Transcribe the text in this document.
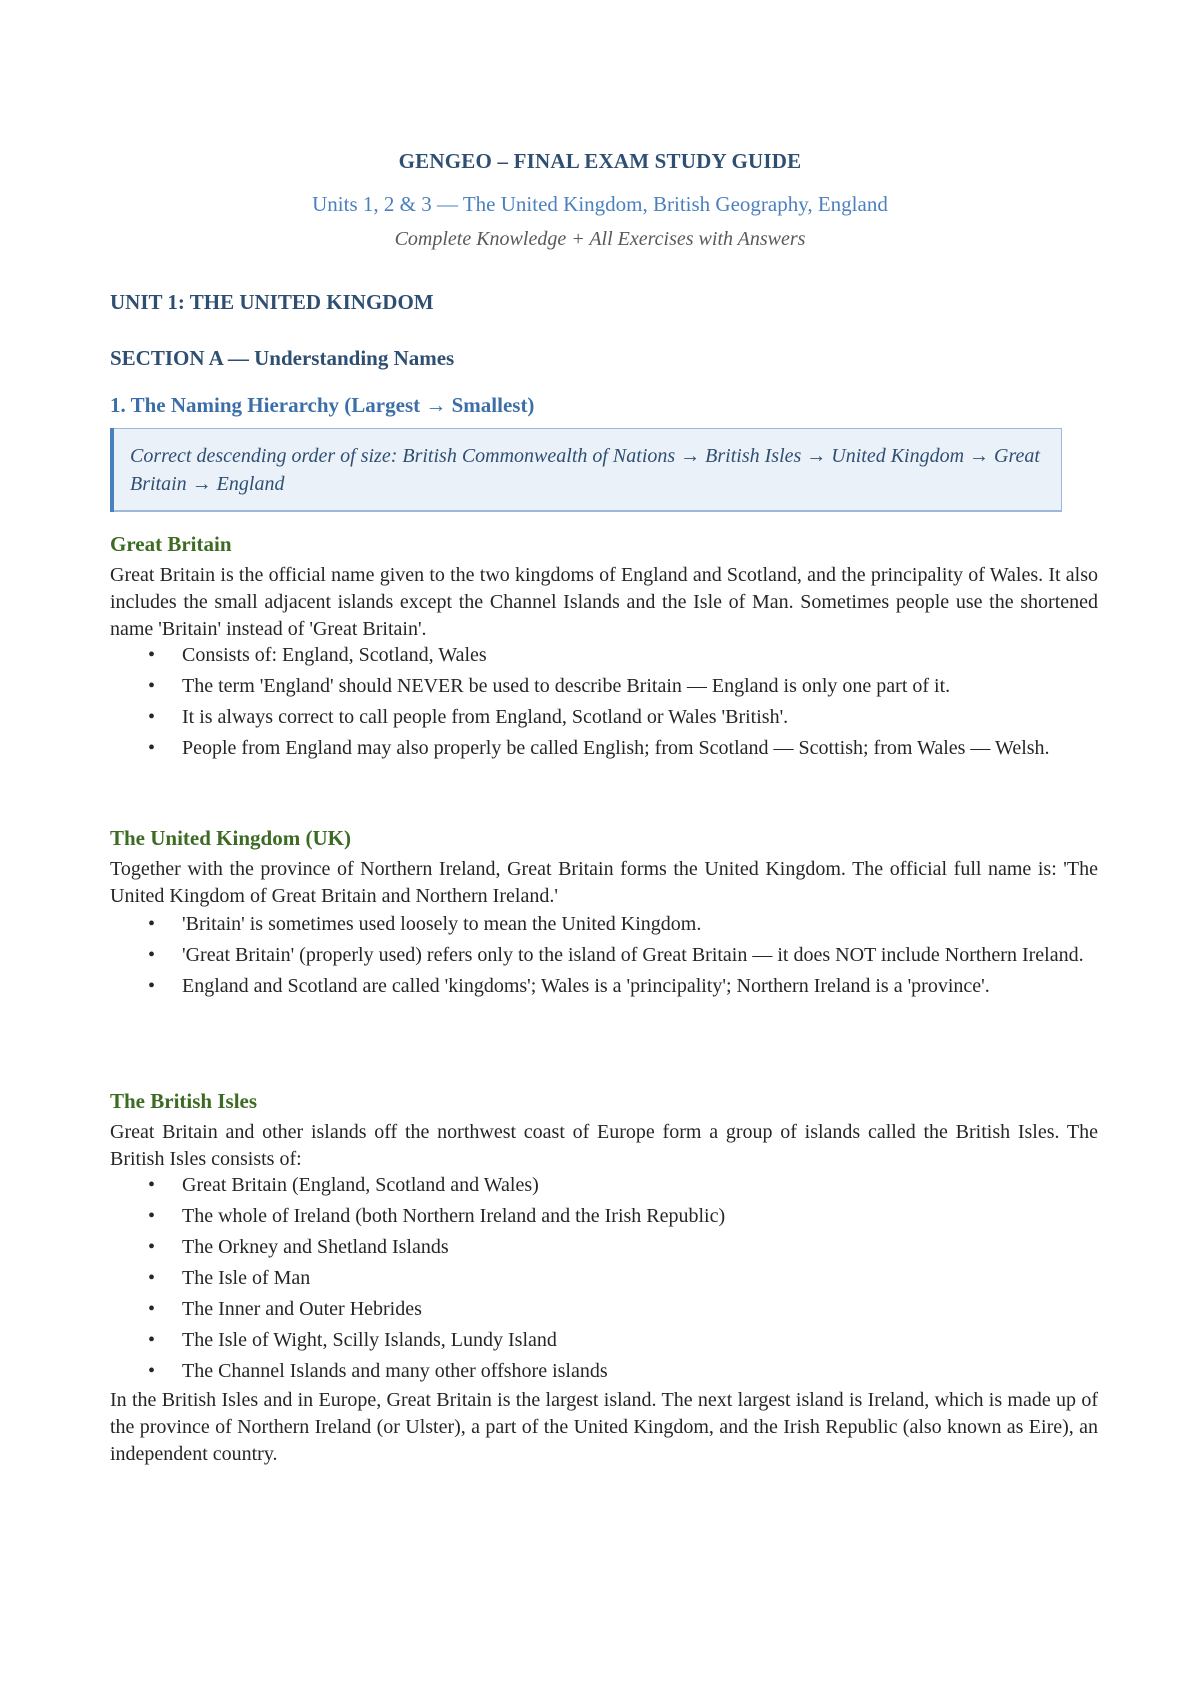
GENGEO – FINAL EXAM STUDY GUIDE
Units 1, 2 & 3 — The United Kingdom, British Geography, England
Complete Knowledge + All Exercises with Answers
UNIT 1: THE UNITED KINGDOM
SECTION A — Understanding Names
1. The Naming Hierarchy (Largest → Smallest)
Correct descending order of size: British Commonwealth of Nations → British Isles → United Kingdom → Great Britain → England
Great Britain
Great Britain is the official name given to the two kingdoms of England and Scotland, and the principality of Wales. It also includes the small adjacent islands except the Channel Islands and the Isle of Man. Sometimes people use the shortened name 'Britain' instead of 'Great Britain'.
• Consists of: England, Scotland, Wales
• The term 'England' should NEVER be used to describe Britain — England is only one part of it.
• It is always correct to call people from England, Scotland or Wales 'British'.
• People from England may also properly be called English; from Scotland — Scottish; from Wales — Welsh.
The United Kingdom (UK)
Together with the province of Northern Ireland, Great Britain forms the United Kingdom. The official full name is: 'The United Kingdom of Great Britain and Northern Ireland.'
• 'Britain' is sometimes used loosely to mean the United Kingdom.
• 'Great Britain' (properly used) refers only to the island of Great Britain — it does NOT include Northern Ireland.
• England and Scotland are called 'kingdoms'; Wales is a 'principality'; Northern Ireland is a 'province'.
The British Isles
Great Britain and other islands off the northwest coast of Europe form a group of islands called the British Isles. The British Isles consists of:
• Great Britain (England, Scotland and Wales)
• The whole of Ireland (both Northern Ireland and the Irish Republic)
• The Orkney and Shetland Islands
• The Isle of Man
• The Inner and Outer Hebrides
• The Isle of Wight, Scilly Islands, Lundy Island
• The Channel Islands and many other offshore islands
In the British Isles and in Europe, Great Britain is the largest island. The next largest island is Ireland, which is made up of the province of Northern Ireland (or Ulster), a part of the United Kingdom, and the Irish Republic (also known as Eire), an independent country.
